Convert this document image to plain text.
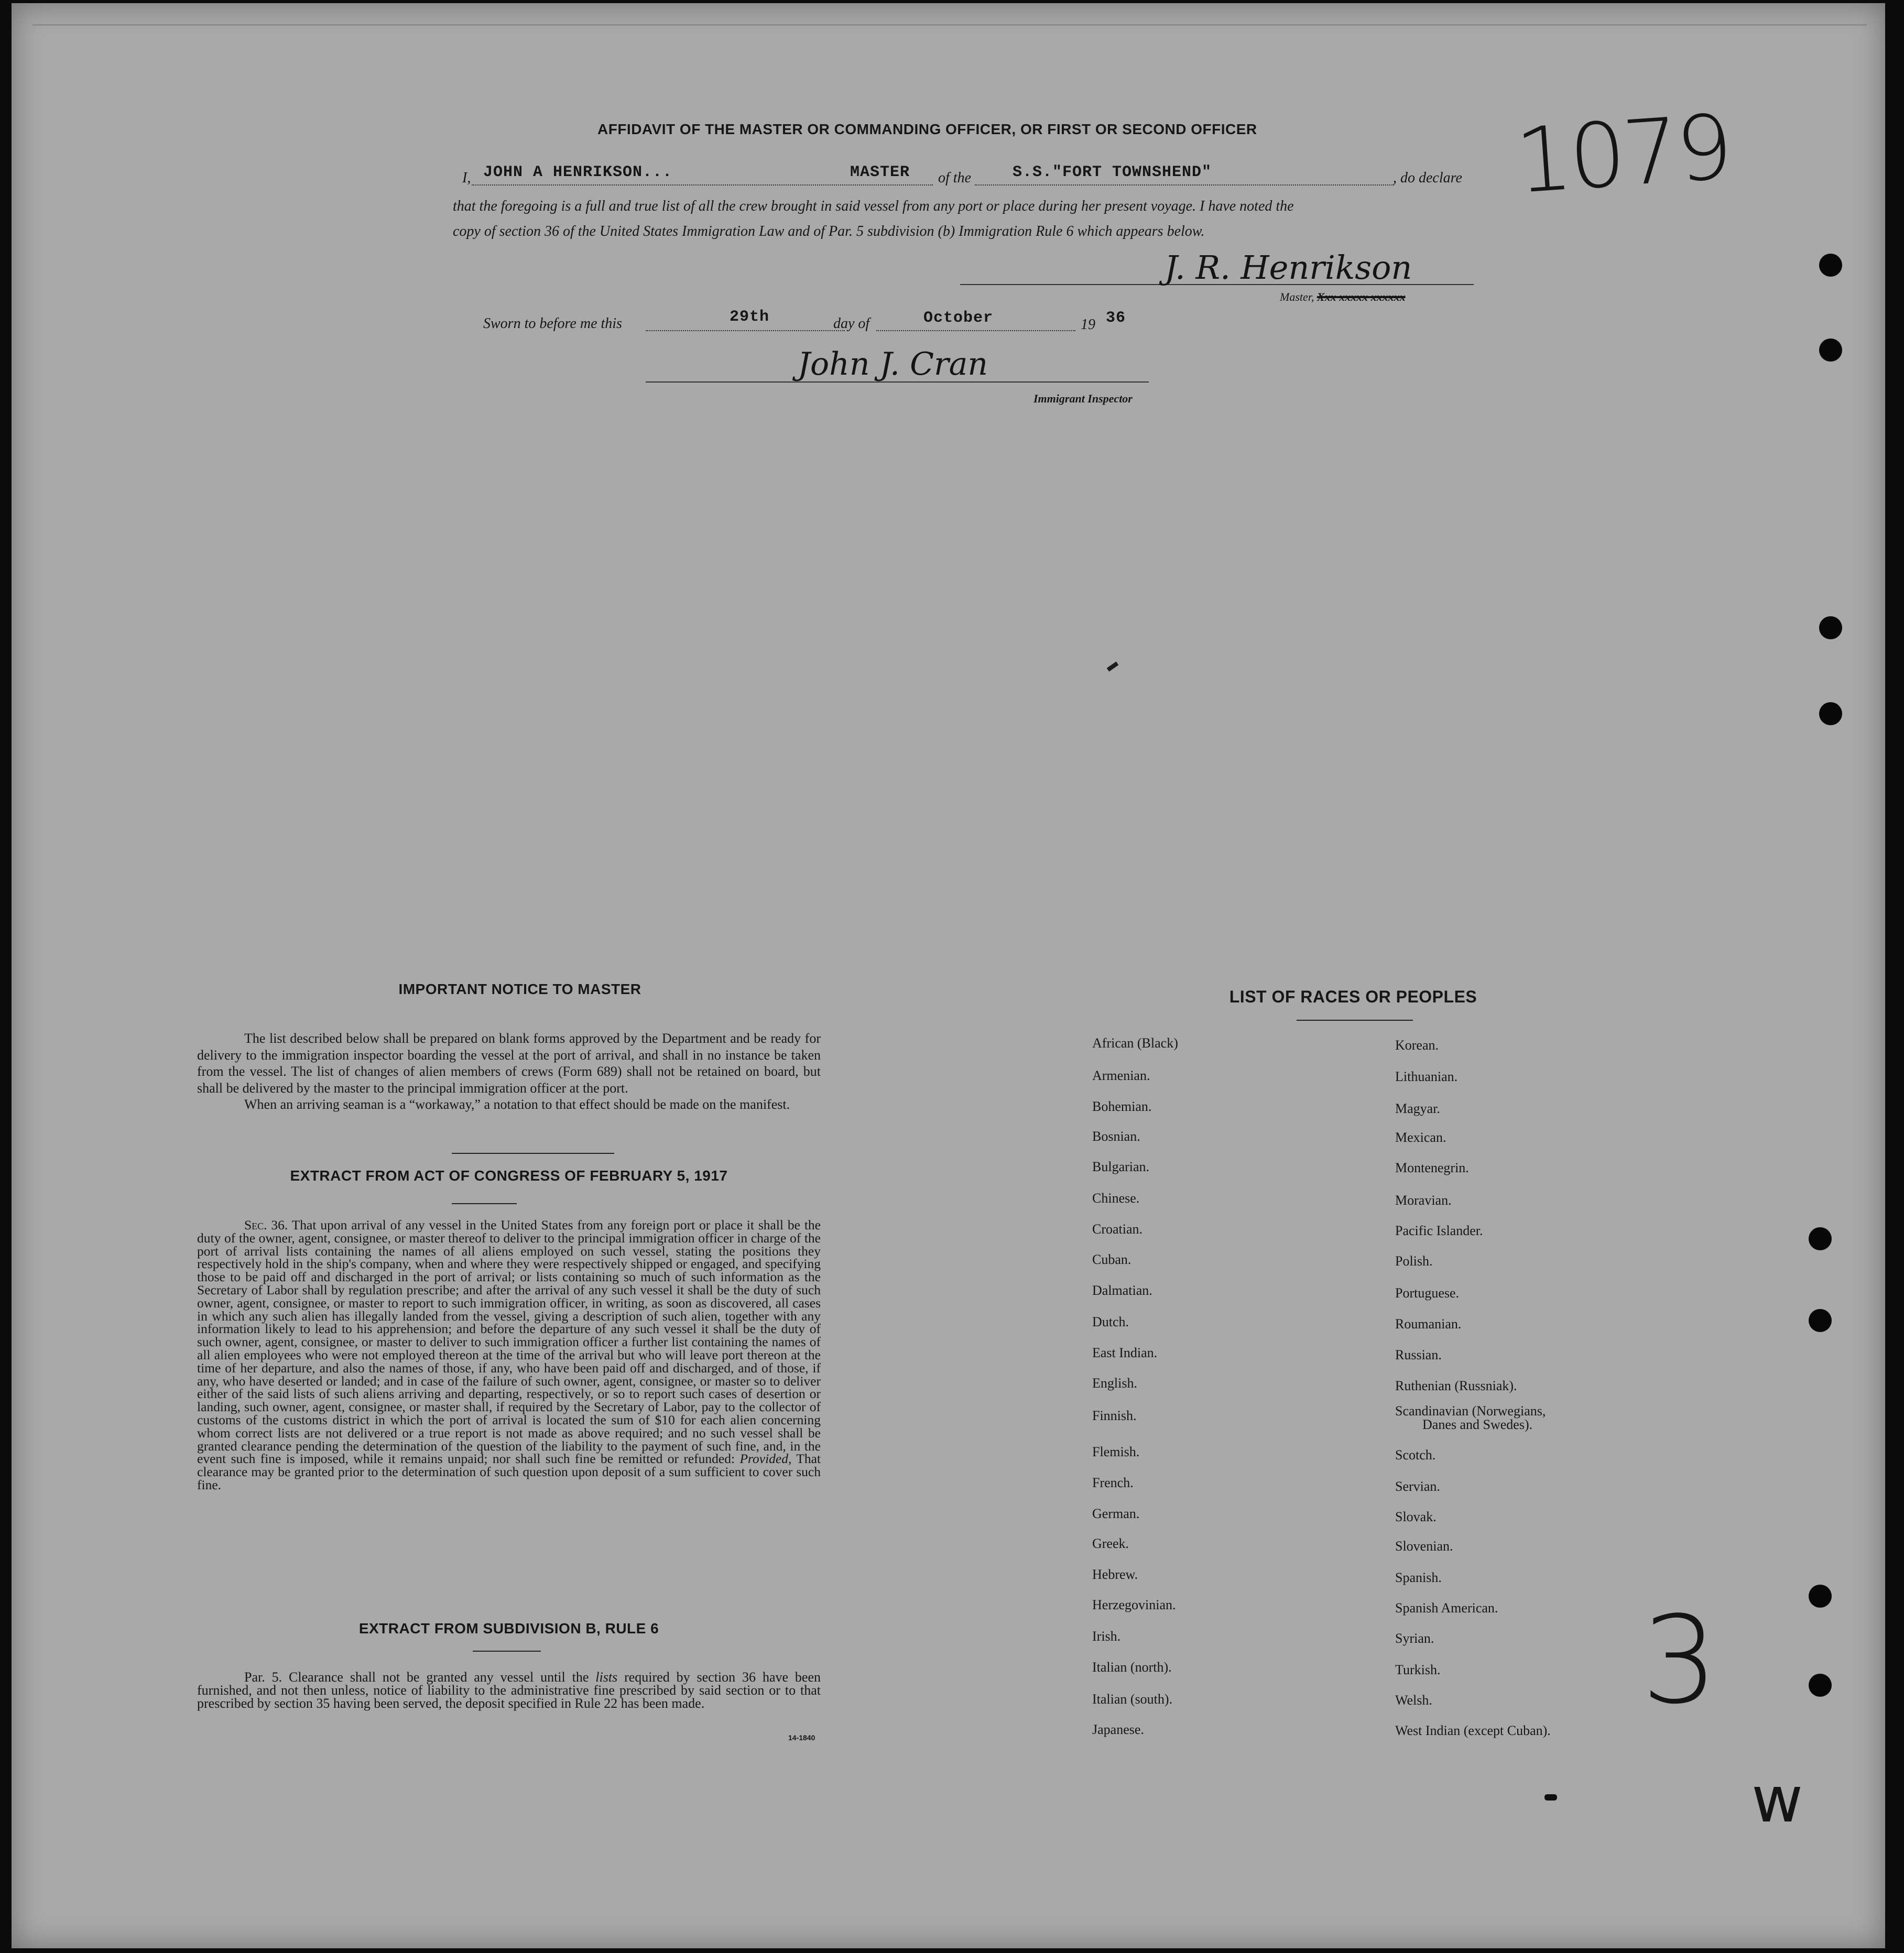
AFFIDAVIT OF THE MASTER OR COMMANDING OFFICER, OR FIRST OR SECOND OFFICER
I, JOHN A HENRIKSON...	MASTER of the	S.S."FORT TOWNSHEND"	, do declare
that the foregoing is a full and true list of all the crew brought in said vessel from any port or place during her present voyage. I have noted the
copy of section 36 of the United States Immigration Law and of Par. 5 subdivision (b) Immigration Rule 6 which appears below.
J. R. Henrikson
Master, Xxx xxxxx xxxxxx
Sworn to before me this	29th	day of	October	19 36
John J. Cran
Immigrant Inspector
1079
3
w
IMPORTANT NOTICE TO MASTER
The list described below shall be prepared on blank forms approved by the Department and be ready for delivery to the immigration inspector boarding the vessel at the port of arrival, and shall in no instance be taken from the vessel. The list of changes of alien members of crews (Form 689) shall not be retained on board, but shall be delivered by the master to the principal immigration officer at the port.
When an arriving seaman is a “workaway,” a notation to that effect should be made on the manifest.
EXTRACT FROM ACT OF CONGRESS OF FEBRUARY 5, 1917
Sec. 36. That upon arrival of any vessel in the United States from any foreign port or place it shall be the duty of the owner, agent, consignee, or master thereof to deliver to the principal immigration officer in charge of the port of arrival lists containing the names of all aliens employed on such vessel, stating the positions they respectively hold in the ship's company, when and where they were respectively shipped or engaged, and specifying those to be paid off and discharged in the port of arrival; or lists containing so much of such information as the Secretary of Labor shall by regulation prescribe; and after the arrival of any such vessel it shall be the duty of such owner, agent, consignee, or master to report to such immigration officer, in writing, as soon as discovered, all cases in which any such alien has illegally landed from the vessel, giving a description of such alien, together with any information likely to lead to his apprehension; and before the departure of any such vessel it shall be the duty of such owner, agent, consignee, or master to deliver to such immigration officer a further list containing the names of all alien employees who were not employed thereon at the time of the arrival but who will leave port thereon at the time of her departure, and also the names of those, if any, who have been paid off and discharged, and of those, if any, who have deserted or landed; and in case of the failure of such owner, agent, consignee, or master so to deliver either of the said lists of such aliens arriving and departing, respectively, or so to report such cases of desertion or landing, such owner, agent, consignee, or master shall, if required by the Secretary of Labor, pay to the collector of customs of the customs district in which the port of arrival is located the sum of $10 for each alien concerning whom correct lists are not delivered or a true report is not made as above required; and no such vessel shall be granted clearance pending the determination of the question of the liability to the payment of such fine, and, in the event such fine is imposed, while it remains unpaid; nor shall such fine be remitted or refunded: Provided, That clearance may be granted prior to the determination of such question upon deposit of a sum sufficient to cover such fine.
EXTRACT FROM SUBDIVISION B, RULE 6
Par. 5. Clearance shall not be granted any vessel until the lists required by section 36 have been furnished, and not then unless, notice of liability to the administrative fine prescribed by said section or to that prescribed by section 35 having been served, the deposit specified in Rule 22 has been made.
14-1840
LIST OF RACES OR PEOPLES
African (Black)
Armenian.
Bohemian.
Bosnian.
Bulgarian.
Chinese.
Croatian.
Cuban.
Dalmatian.
Dutch.
East Indian.
English.
Finnish.
Flemish.
French.
German.
Greek.
Hebrew.
Herzegovinian.
Irish.
Italian (north).
Italian (south).
Japanese.
Korean.
Lithuanian.
Magyar.
Mexican.
Montenegrin.
Moravian.
Pacific Islander.
Polish.
Portuguese.
Roumanian.
Russian.
Ruthenian (Russniak).
Scandinavian (Norwegians,
Danes and Swedes).
Scotch.
Servian.
Slovak.
Slovenian.
Spanish.
Spanish American.
Syrian.
Turkish.
Welsh.
West Indian (except Cuban).
